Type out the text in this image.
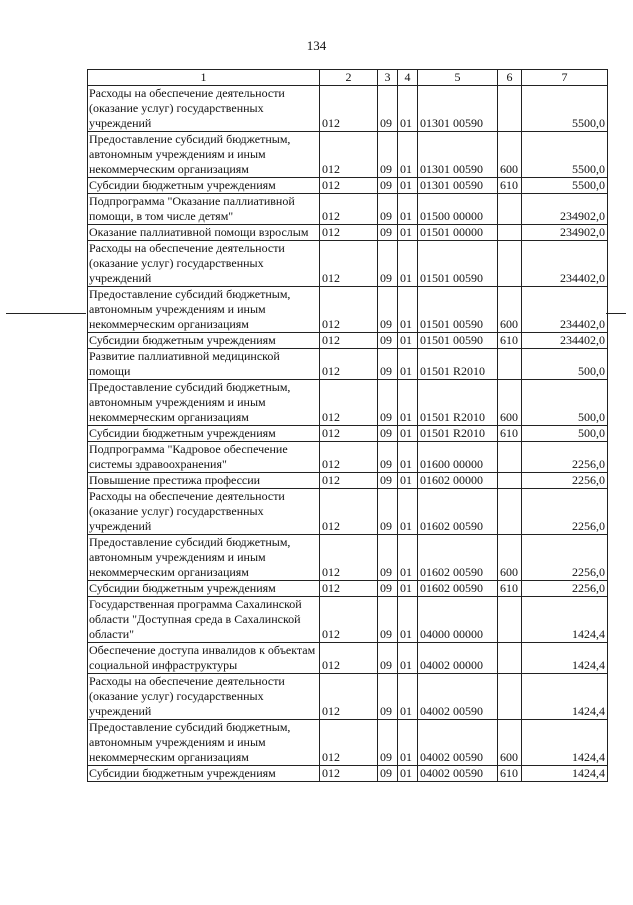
134
1	2	3	4	5	6	7
Расходы на обеспечение деятельности (оказание услуг) государственных учреждений	012	09	01	01301 00590		5500,0
Предоставление субсидий бюджетным, автономным учреждениям и иным некоммерческим организациям	012	09	01	01301 00590	600	5500,0
Субсидии бюджетным учреждениям	012	09	01	01301 00590	610	5500,0
Подпрограмма "Оказание паллиативной помощи, в том числе детям"	012	09	01	01500 00000		234902,0
Оказание паллиативной помощи взрослым	012	09	01	01501 00000		234902,0
Расходы на обеспечение деятельности (оказание услуг) государственных учреждений	012	09	01	01501 00590		234402,0
Предоставление субсидий бюджетным, автономным учреждениям и иным некоммерческим организациям	012	09	01	01501 00590	600	234402,0
Субсидии бюджетным учреждениям	012	09	01	01501 00590	610	234402,0
Развитие паллиативной медицинской помощи	012	09	01	01501 R2010		500,0
Предоставление субсидий бюджетным, автономным учреждениям и иным некоммерческим организациям	012	09	01	01501 R2010	600	500,0
Субсидии бюджетным учреждениям	012	09	01	01501 R2010	610	500,0
Подпрограмма "Кадровое обеспечение системы здравоохранения"	012	09	01	01600 00000		2256,0
Повышение престижа профессии	012	09	01	01602 00000		2256,0
Расходы на обеспечение деятельности (оказание услуг) государственных учреждений	012	09	01	01602 00590		2256,0
Предоставление субсидий бюджетным, автономным учреждениям и иным некоммерческим организациям	012	09	01	01602 00590	600	2256,0
Субсидии бюджетным учреждениям	012	09	01	01602 00590	610	2256,0
Государственная программа Сахалинской области "Доступная среда в Сахалинской области"	012	09	01	04000 00000		1424,4
Обеспечение доступа инвалидов к объектам социальной инфраструктуры	012	09	01	04002 00000		1424,4
Расходы на обеспечение деятельности (оказание услуг) государственных учреждений	012	09	01	04002 00590		1424,4
Предоставление субсидий бюджетным, автономным учреждениям и иным некоммерческим организациям	012	09	01	04002 00590	600	1424,4
Субсидии бюджетным учреждениям	012	09	01	04002 00590	610	1424,4
